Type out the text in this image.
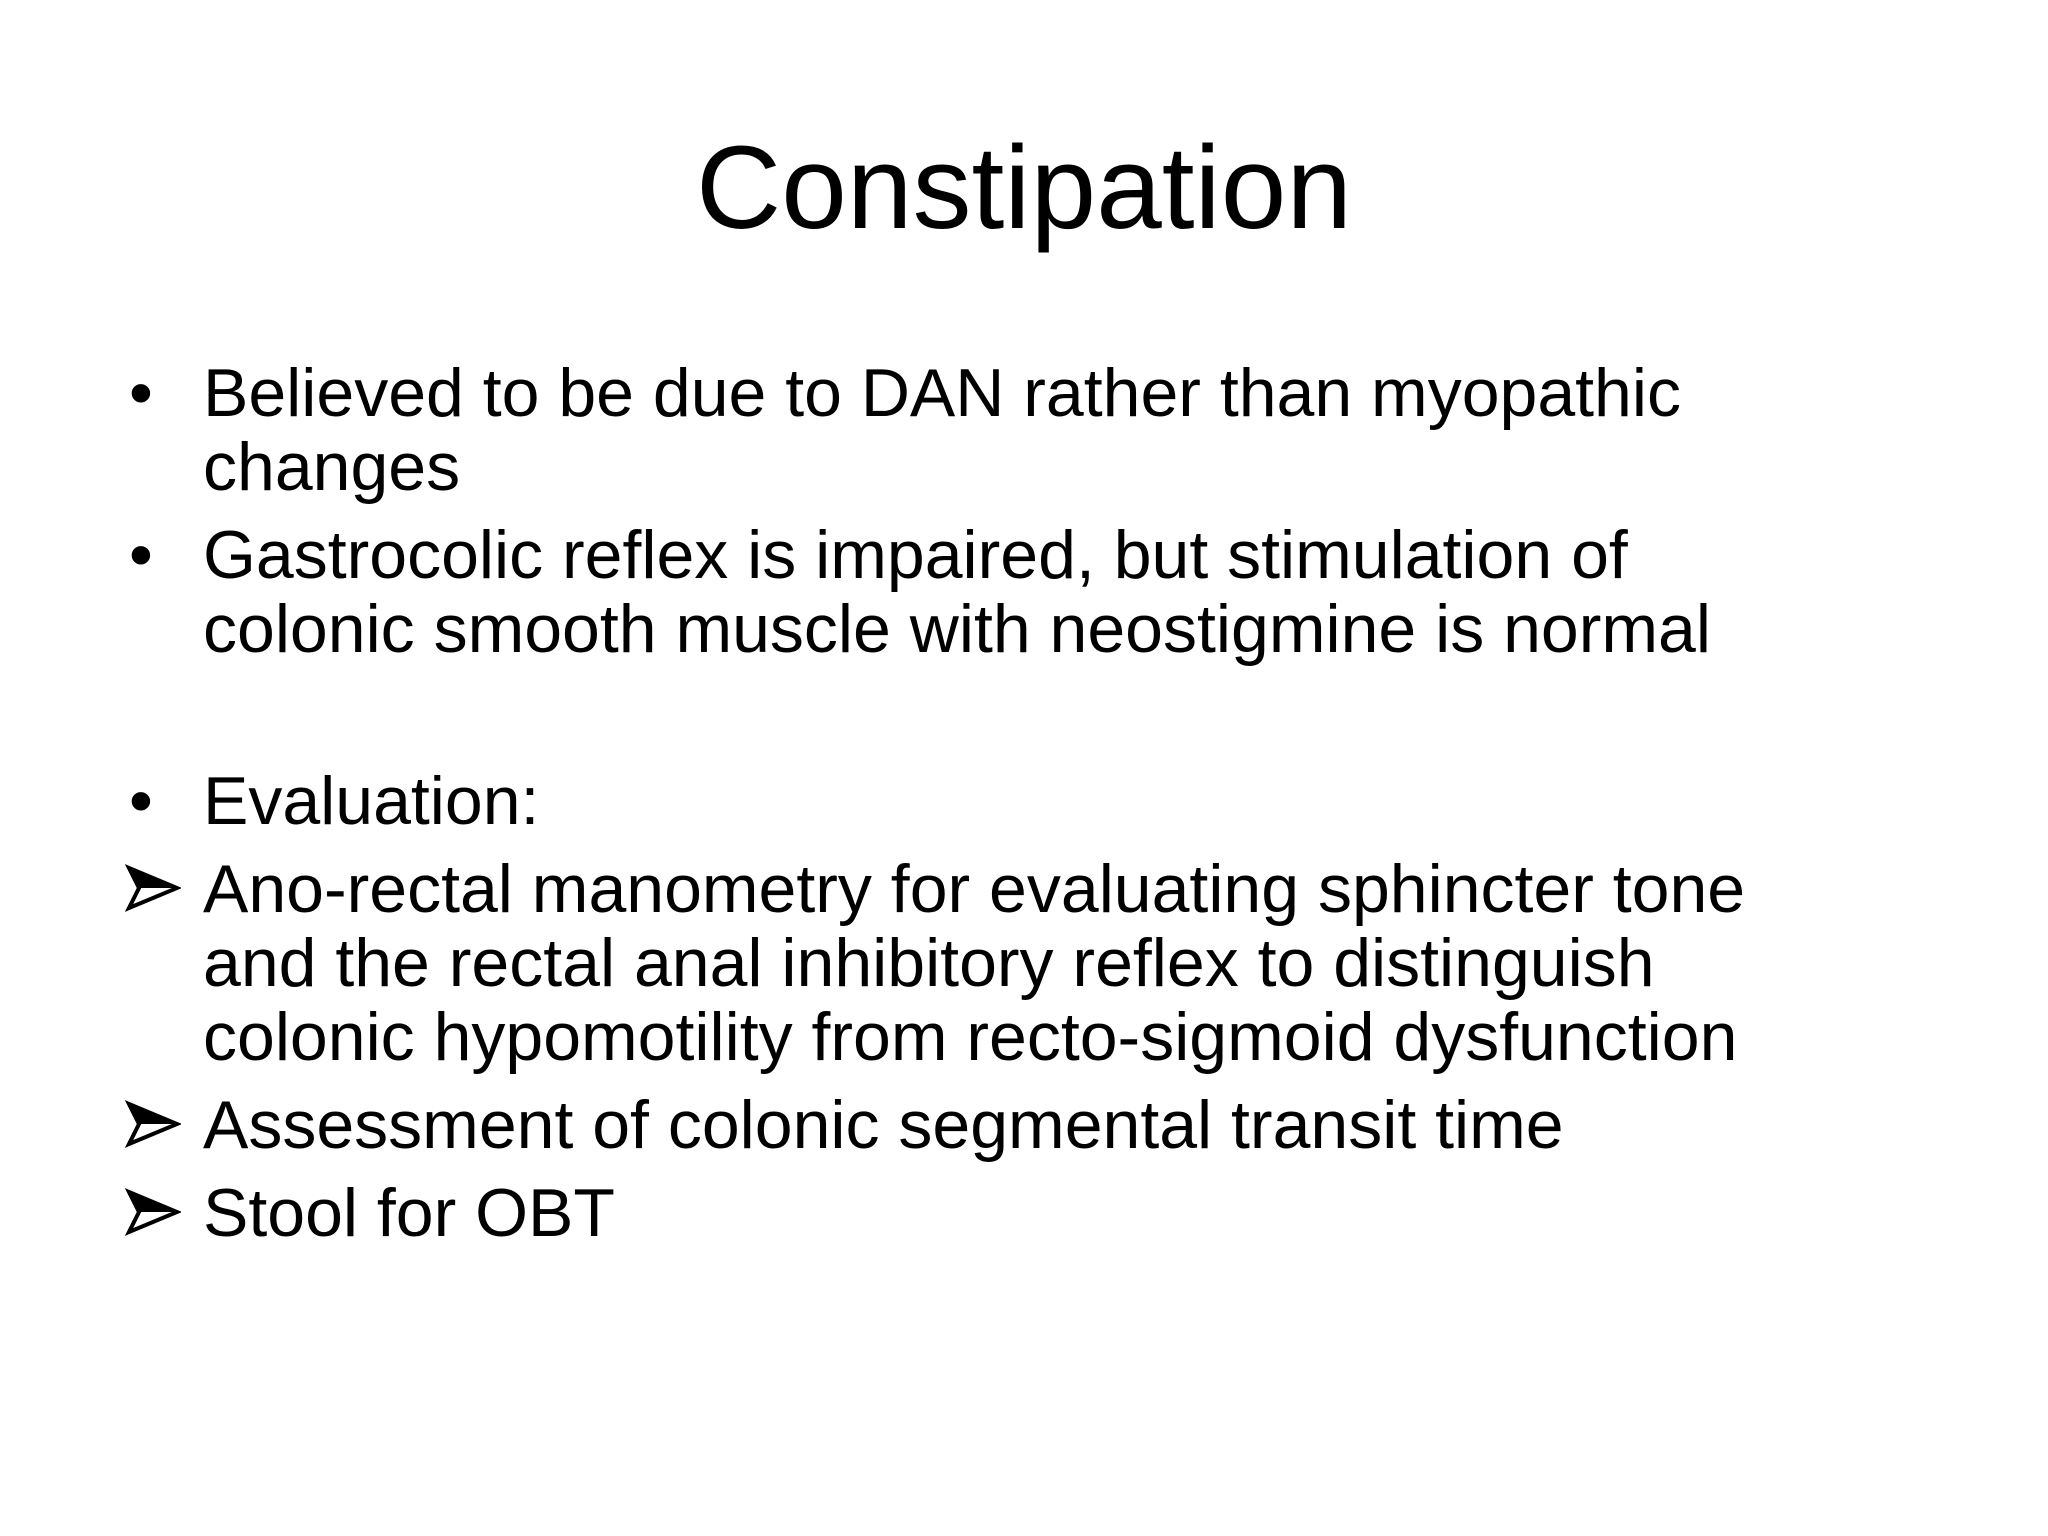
Constipation
• Believed to be due to DAN rather than myopathic
changes
• Gastrocolic reflex is impaired, but stimulation of
colonic smooth muscle with neostigmine is normal
• Evaluation:
Ano-rectal manometry for evaluating sphincter tone
and the rectal anal inhibitory reflex to distinguish
colonic hypomotility from recto-sigmoid dysfunction
Assessment of colonic segmental transit time
Stool for OBT
